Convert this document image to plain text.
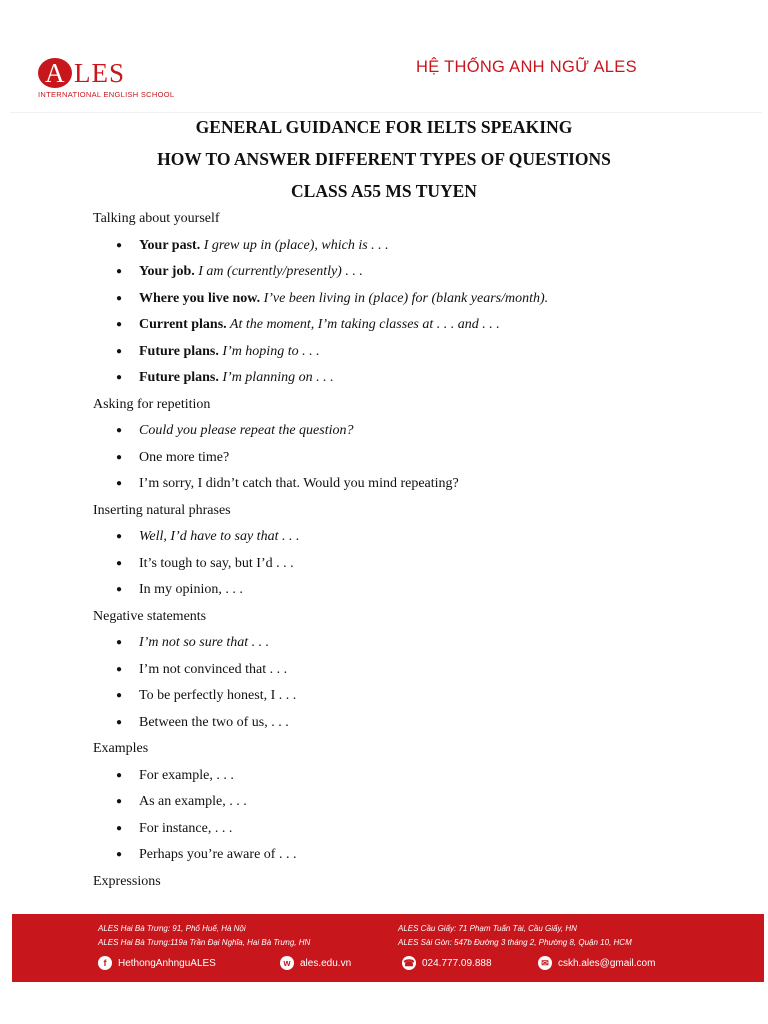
A LES
INTERNATIONAL ENGLISH SCHOOL
HỆ THỐNG ANH NGỮ ALES
GENERAL GUIDANCE FOR IELTS SPEAKING
HOW TO ANSWER DIFFERENT TYPES OF QUESTIONS
CLASS A55 MS TUYEN
Talking about yourself
● Your past. I grew up in (place), which is . . .
● Your job. I am (currently/presently) . . .
● Where you live now. I’ve been living in (place) for (blank years/month).
● Current plans. At the moment, I’m taking classes at . . . and . . .
● Future plans. I’m hoping to . . .
● Future plans. I’m planning on . . .
Asking for repetition
● Could you please repeat the question?
● One more time?
● I’m sorry, I didn’t catch that. Would you mind repeating?
Inserting natural phrases
● Well, I’d have to say that . . .
● It’s tough to say, but I’d . . .
● In my opinion, . . .
Negative statements
● I’m not so sure that . . .
● I’m not convinced that . . .
● To be perfectly honest, I . . .
● Between the two of us, . . .
Examples
● For example, . . .
● As an example, . . .
● For instance, . . .
● Perhaps you’re aware of . . .
Expressions
ALES Hai Bà Trưng: 91, Phố Huế, Hà Nội
ALES Hai Bà Trưng:119a Trần Đại Nghĩa, Hai Bà Trưng, HN
ALES Cầu Giấy: 71 Phạm Tuấn Tài, Cầu Giấy, HN
ALES Sài Gòn: 547b Đường 3 tháng 2, Phường 8, Quận 10, HCM
f	HethongAnhnguALES	w ales.edu.vn	☎ 024.777.09.888	✉ cskh.ales@gmail.com
